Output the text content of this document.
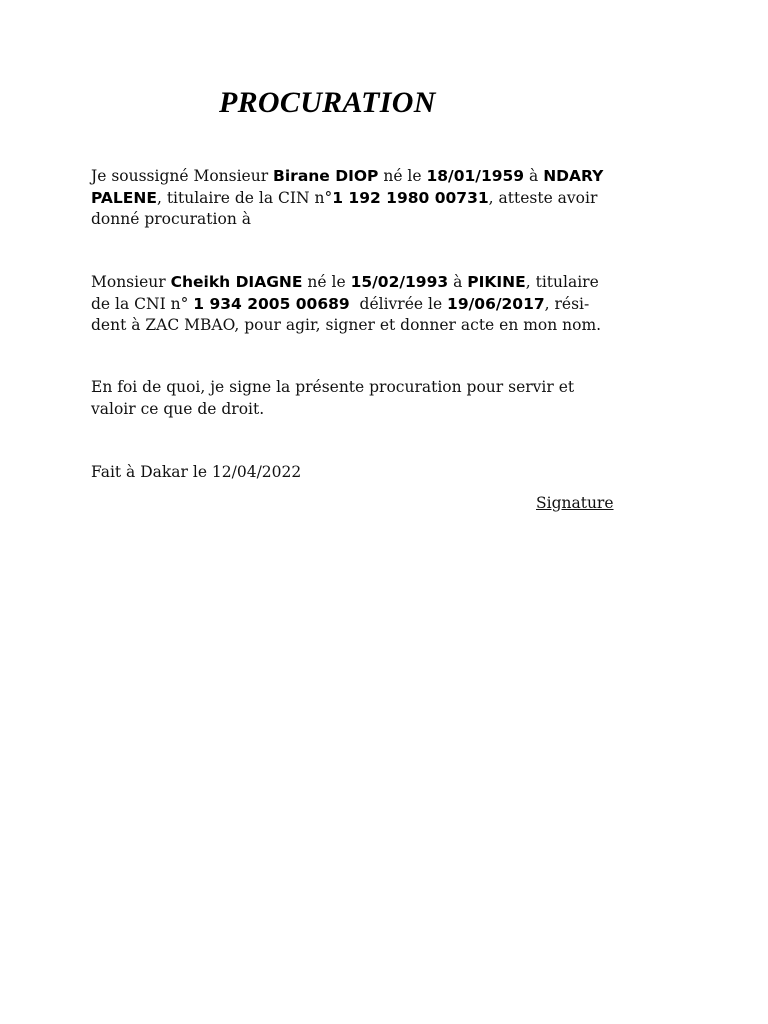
PROCURATION

Je soussigné Monsieur Birane DIOP né le 18/01/1959 à NDARY
PALENE, titulaire de la CIN n°1 192 1980 00731, atteste avoir
donné procuration à

Monsieur Cheikh DIAGNE né le 15/02/1993 à PIKINE, titulaire
de la CNI n° 1 934 2005 00689  délivrée le 19/06/2017, rési-
dent à ZAC MBAO, pour agir, signer et donner acte en mon nom.

En foi de quoi, je signe la présente procuration pour servir et
valoir ce que de droit.

Fait à Dakar le 12/04/2022

Signature
